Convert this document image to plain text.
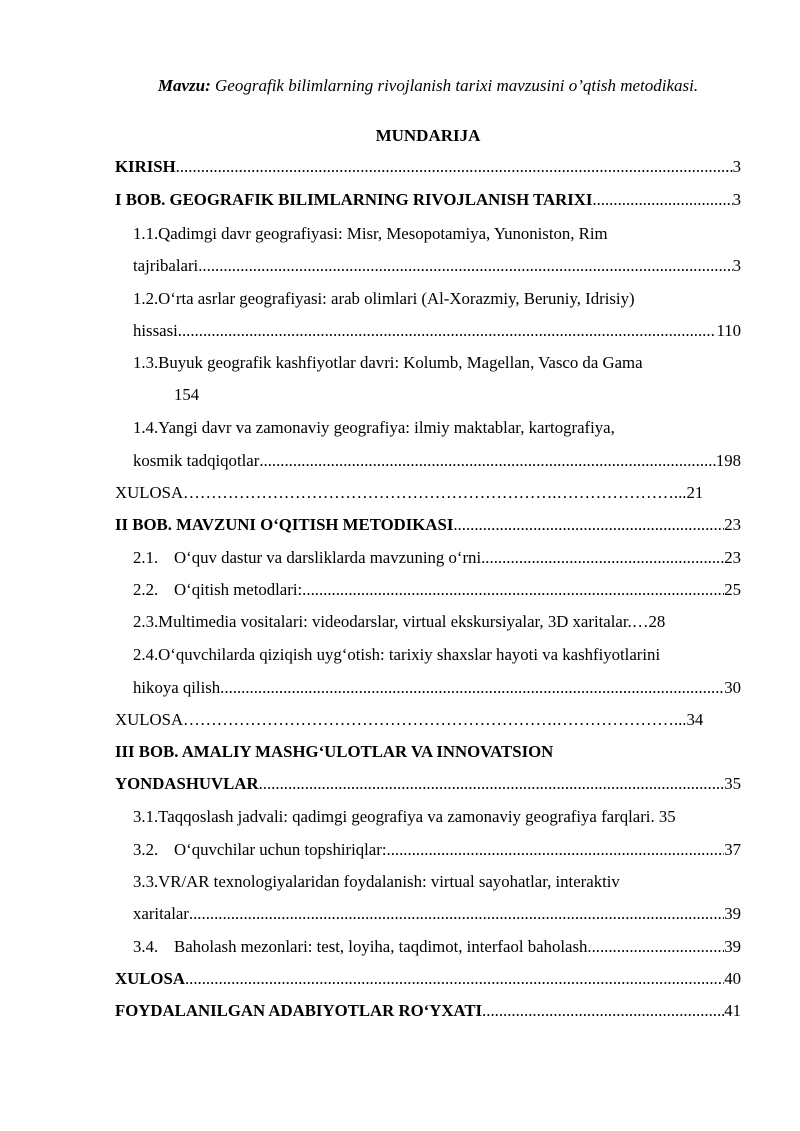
Mavzu: Geografik bilimlarning rivojlanish tarixi mavzusini o’qtish metodikasi.
MUNDARIJA
KIRISH .....	3
I BOB. GEOGRAFIK BILIMLARNING RIVOJLANISH TARIXI .....	3
1.1.Qadimgi davr geografiyasi: Misr, Mesopotamiya, Yunoniston, Rim
tajribalari .....	3
1.2.O‘rta asrlar geografiyasi: arab olimlari (Al-Xorazmiy, Beruniy, Idrisiy)
hissasi .....	110
1.3.Buyuk geografik kashfiyotlar davri: Kolumb, Magellan, Vasco da Gama
154
1.4.Yangi davr va zamonaviy geografiya: ilmiy maktablar, kartografiya,
kosmik tadqiqotlar .....	198
XULOSA………………………………………………………….…………………...21
II BOB. MAVZUNI O‘QITISH METODIKASI .....	23
2.1. O‘quv dastur va darsliklarda mavzuning o‘rni .....	23
2.2. O‘qitish metodlari: .....	25
2.3.Multimedia vositalari: videodarslar, virtual ekskursiyalar, 3D xaritalar.…28
2.4.O‘quvchilarda qiziqish uyg‘otish: tarixiy shaxslar hayoti va kashfiyotlarini
hikoya qilish .....	30
XULOSA………………………………………………………….…………………...34
III BOB. AMALIY MASHG‘ULOTLAR VA INNOVATSION
YONDASHUVLAR .....	35
3.1.Taqqoslash jadvali: qadimgi geografiya va zamonaviy geografiya farqlari. 35
3.2. O‘quvchilar uchun topshiriqlar: .....	37
3.3.VR/AR texnologiyalaridan foydalanish: virtual sayohatlar, interaktiv
xaritalar .....	39
3.4. Baholash mezonlari: test, loyiha, taqdimot, interfaol baholash .....	39
XULOSA .....	40
FOYDALANILGAN ADABIYOTLAR RO‘YXATI .....	41
